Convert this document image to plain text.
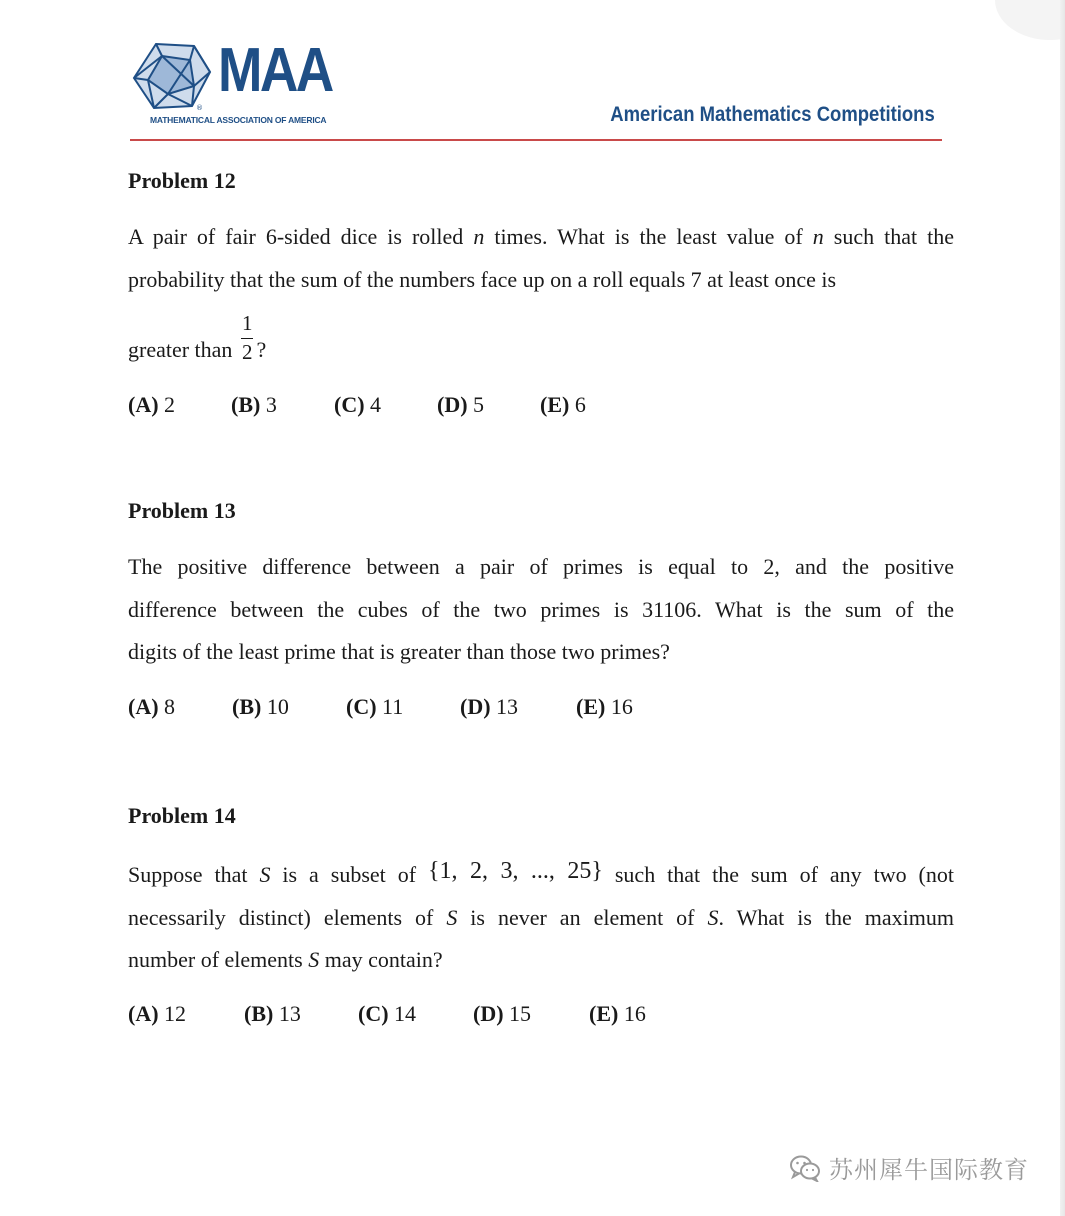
®
MAA
MATHEMATICAL ASSOCIATION OF AMERICA	American Mathematics Competitions
Problem 12
A pair of fair 6-sided dice is rolled n times. What is the least value of n such that the
probability that the sum of the numbers face up on a roll equals 7 at least once is
greater than $\frac{1}{2}$ ?
(A) 2	(B) 3	(C) 4	(D) 5	(E) 6
Problem 13
The positive difference between a pair of primes is equal to 2, and the positive
difference between the cubes of the two primes is 31106. What is the sum of the
digits of the least prime that is greater than those two primes?
(A) 8	(B) 10	(C) 11	(D) 13	(E) 16
Problem 14
Suppose that S is a subset of {1, 2, 3, ..., 25} such that the sum of any two (not
necessarily distinct) elements of S is never an element of S. What is the maximum
number of elements S may contain?
(A) 12	(B) 13	(C) 14	(D) 15	(E) 16
苏州犀牛国际教育
